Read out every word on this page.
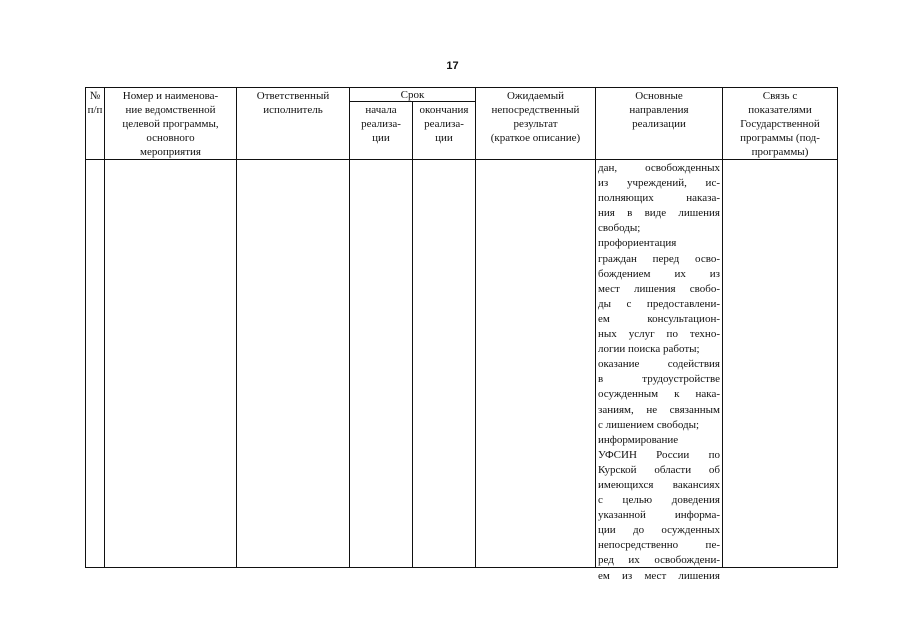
17
№
п/п
Номер и наименова-
ние ведомственной
целевой программы,
основного
мероприятия
Ответственный
исполнитель
Срок
начала
реализа-
ции
окончания
реализа-
ции
Ожидаемый
непосредственный
результат
(краткое описание)
Основные
направления
реализации
Связь с
показателями
Государственной
программы (под-
программы)
дан, освобожденных
из учреждений, ис-
полняющих наказа-
ния в виде лишения
свободы;
профориентация
граждан перед осво-
бождением их из
мест лишения свобо-
ды с предоставлени-
ем консультацион-
ных услуг по техно-
логии поиска работы;
оказание содействия
в трудоустройстве
осужденным к нака-
заниям, не связанным
с лишением свободы;
информирование
УФСИН России по
Курской области об
имеющихся вакансиях
с целью доведения
указанной информа-
ции до осужденных
непосредственно пе-
ред их освобождени-
ем из мест лишения
